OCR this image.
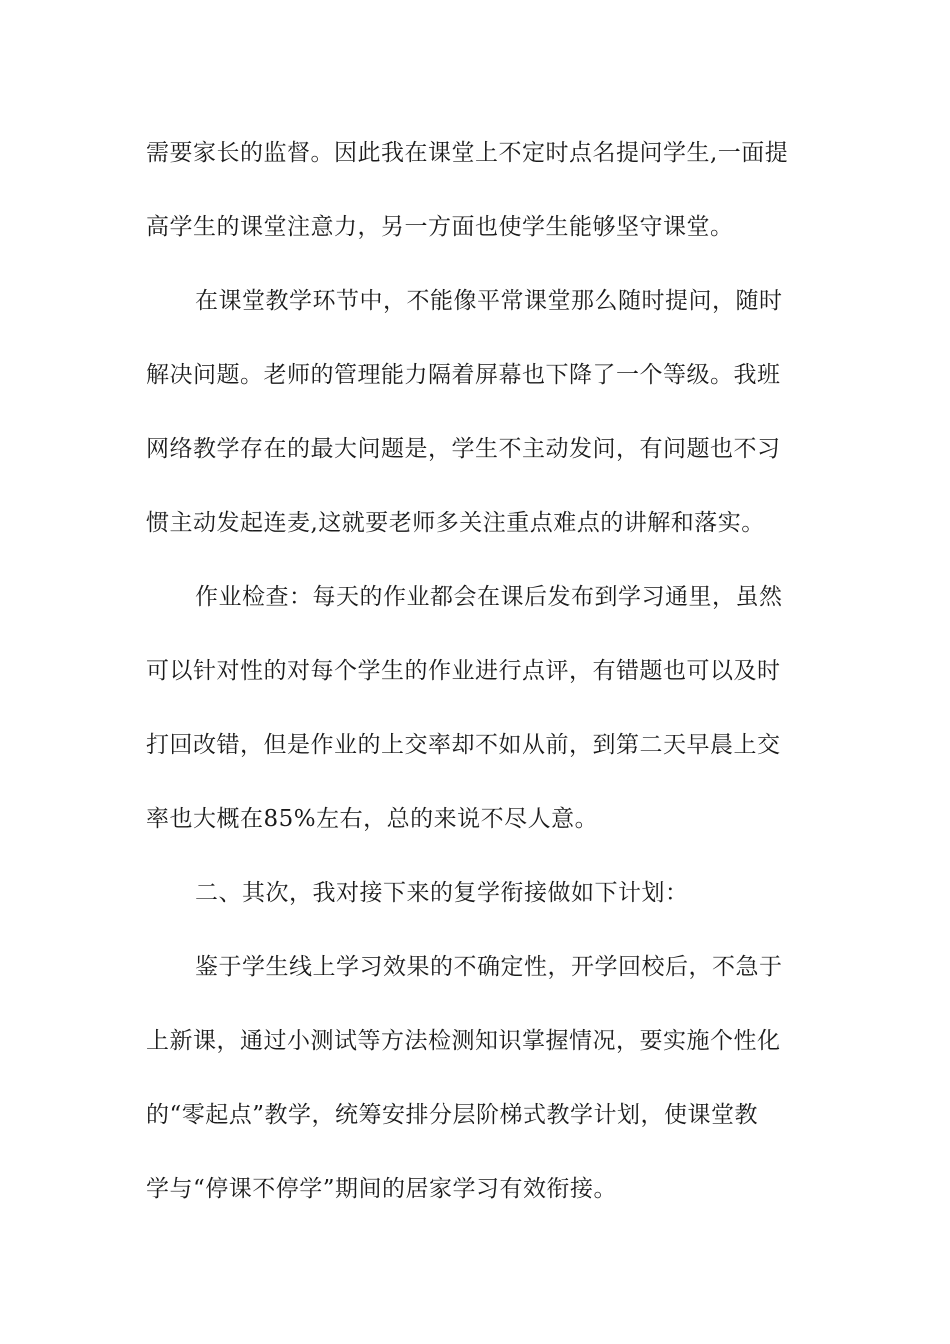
需要家长的监督。因此我在课堂上不定时点名提问学生,一面提

高学生的课堂注意力，另一方面也使学生能够坚守课堂。

在课堂教学环节中，不能像平常课堂那么随时提问，随时

解决问题。老师的管理能力隔着屏幕也下降了一个等级。我班

网络教学存在的最大问题是，学生不主动发问，有问题也不习

惯主动发起连麦,这就要老师多关注重点难点的讲解和落实。

作业检查：每天的作业都会在课后发布到学习通里，虽然

可以针对性的对每个学生的作业进行点评，有错题也可以及时

打回改错，但是作业的上交率却不如从前，到第二天早晨上交

率也大概在85%左右，总的来说不尽人意。

二、其次，我对接下来的复学衔接做如下计划：

鉴于学生线上学习效果的不确定性，开学回校后，不急于

上新课，通过小测试等方法检测知识掌握情况，要实施个性化

的“零起点”教学，统筹安排分层阶梯式教学计划，使课堂教

学与“停课不停学”期间的居家学习有效衔接。
